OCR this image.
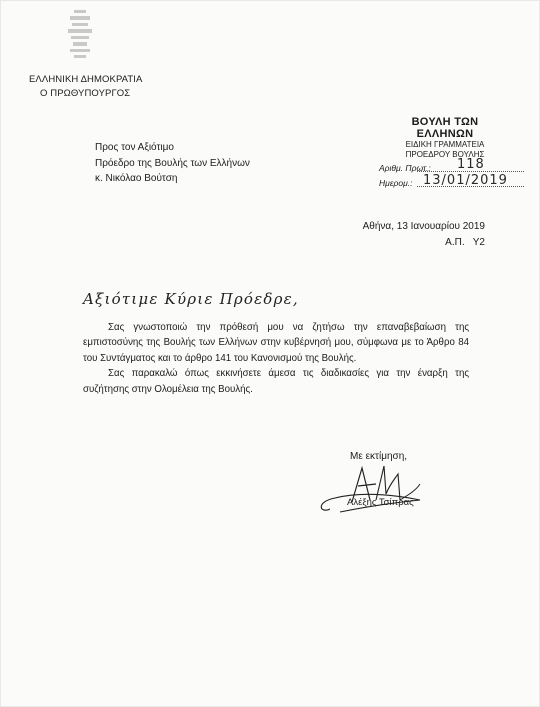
ΕΛΛΗΝΙΚΗ ΔΗΜΟΚΡΑΤΙΑ
Ο ΠΡΩΘΥΠΟΥΡΓΟΣ
ΒΟΥΛΗ ΤΩΝ ΕΛΛΗΝΩΝ
ΕΙΔΙΚΗ ΓΡΑΜΜΑΤΕΙΑ
ΠΡΟΕΔΡΟΥ ΒΟΥΛΗΣ
Αριθμ. Πρωτ.: 118
Ημερομ.: 13/01/2019
Προς τον Αξιότιμο
Πρόεδρο της Βουλής των Ελλήνων
κ. Νικόλαο Βούτση
Αθήνα, 13 Ιανουαρίου 2019
Α.Π.   Υ2
Αξιότιμε Κύριε Πρόεδρε,

Σας γνωστοποιώ την πρόθεσή μου να ζητήσω την επαναβεβαίωση της εμπιστοσύνης της Βουλής των Ελλήνων στην κυβέρνησή μου, σύμφωνα με το Άρθρο 84 του Συντάγματος και το άρθρο 141 του Κανονισμού της Βουλής.

Σας παρακαλώ όπως εκκινήσετε άμεσα τις διαδικασίες για την έναρξη της συζήτησης στην Ολομέλεια της Βουλής.

Με εκτίμηση,
Αλέξης Τσίπρας
